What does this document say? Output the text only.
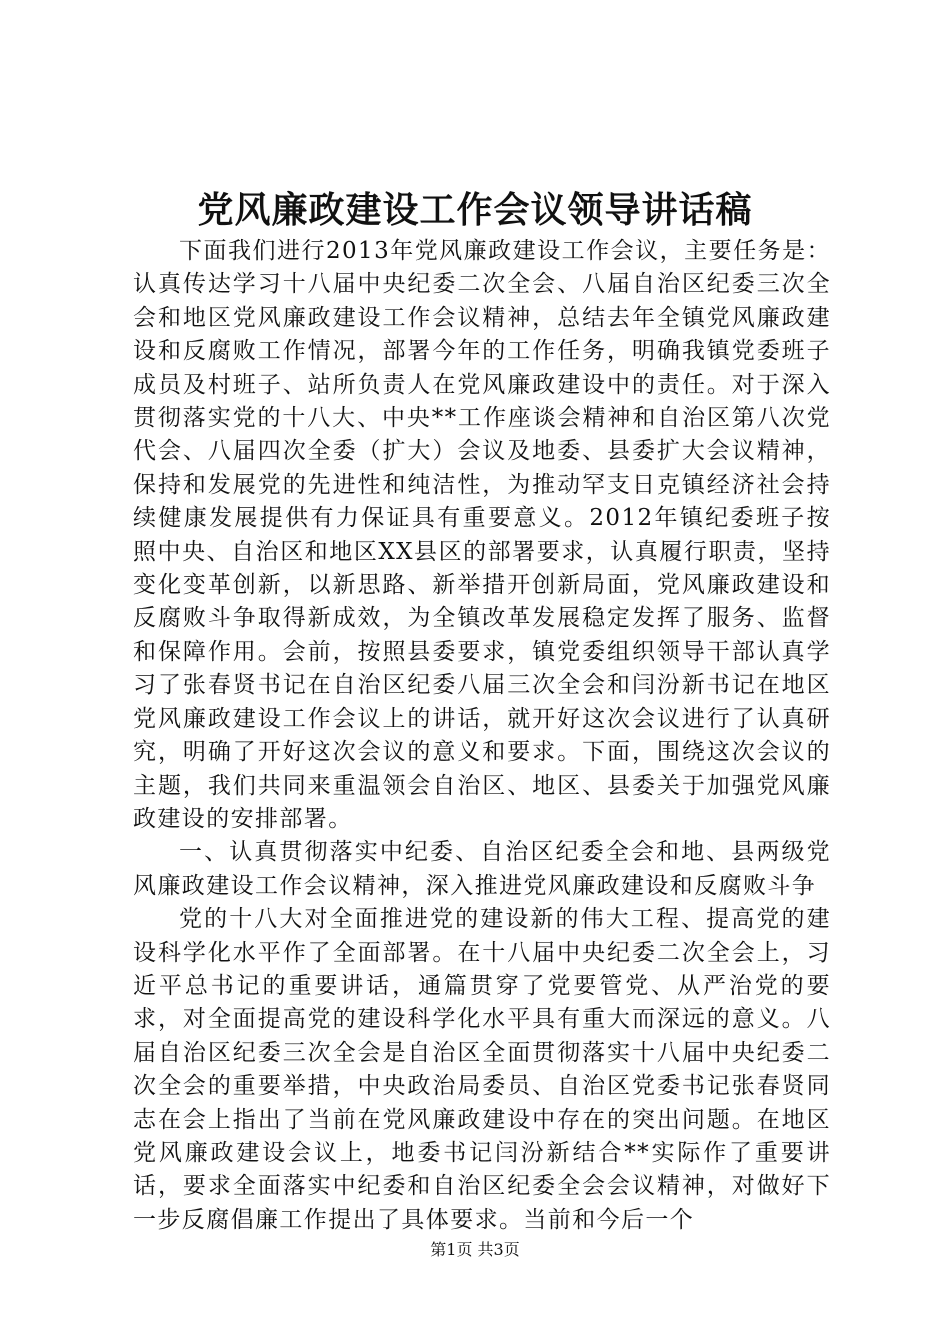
党风廉政建设工作会议领导讲话稿

下面我们进行2013年党风廉政建设工作会议，主要任务是：认真传达学习十八届中央纪委二次全会、八届自治区纪委三次全会和地区党风廉政建设工作会议精神，总结去年全镇党风廉政建设和反腐败工作情况，部署今年的工作任务，明确我镇党委班子成员及村班子、站所负责人在党风廉政建设中的责任。对于深入贯彻落实党的十八大、中央**工作座谈会精神和自治区第八次党代会、八届四次全委（扩大）会议及地委、县委扩大会议精神，保持和发展党的先进性和纯洁性，为推动罕支日克镇经济社会持续健康发展提供有力保证具有重要意义。2012年镇纪委班子按照中央、自治区和地区XX县区的部署要求，认真履行职责，坚持变化变革创新，以新思路、新举措开创新局面，党风廉政建设和反腐败斗争取得新成效，为全镇改革发展稳定发挥了服务、监督和保障作用。会前，按照县委要求，镇党委组织领导干部认真学习了张春贤书记在自治区纪委八届三次全会和闫汾新书记在地区党风廉政建设工作会议上的讲话，就开好这次会议进行了认真研究，明确了开好这次会议的意义和要求。下面，围绕这次会议的主题，我们共同来重温领会自治区、地区、县委关于加强党风廉政建设的安排部署。

一、认真贯彻落实中纪委、自治区纪委全会和地、县两级党风廉政建设工作会议精神，深入推进党风廉政建设和反腐败斗争

党的十八大对全面推进党的建设新的伟大工程、提高党的建设科学化水平作了全面部署。在十八届中央纪委二次全会上，习近平总书记的重要讲话，通篇贯穿了党要管党、从严治党的要求，对全面提高党的建设科学化水平具有重大而深远的意义。八届自治区纪委三次全会是自治区全面贯彻落实十八届中央纪委二次全会的重要举措，中央政治局委员、自治区党委书记张春贤同志在会上指出了当前在党风廉政建设中存在的突出问题。在地区党风廉政建设会议上，地委书记闫汾新结合**实际作了重要讲话，要求全面落实中纪委和自治区纪委全会会议精神，对做好下一步反腐倡廉工作提出了具体要求。当前和今后一个

第1页 共3页
